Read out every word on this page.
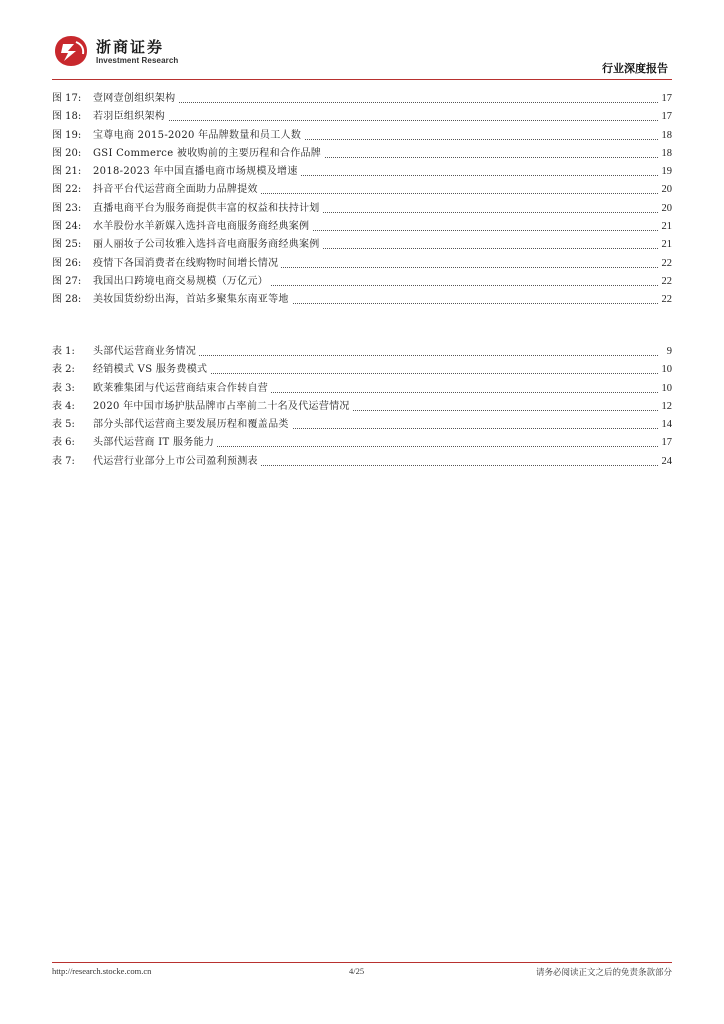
浙商证券
Investment Research
行业深度报告
图 17: 壹网壹创组织架构	17
图 18: 若羽臣组织架构	17
图 19: 宝尊电商 2015-2020 年品牌数量和员工人数	18
图 20: GSI Commerce 被收购前的主要历程和合作品牌	18
图 21: 2018-2023 年中国直播电商市场规模及增速	19
图 22: 抖音平台代运营商全面助力品牌提效	20
图 23: 直播电商平台为服务商提供丰富的权益和扶持计划	20
图 24: 水羊股份水羊新媒入选抖音电商服务商经典案例	21
图 25: 丽人丽妆子公司妆雅入选抖音电商服务商经典案例	21
图 26: 疫情下各国消费者在线购物时间增长情况	22
图 27: 我国出口跨境电商交易规模（万亿元）	22
图 28: 美妆国货纷纷出海，首站多聚集东南亚等地	22
表 1: 头部代运营商业务情况	9
表 2: 经销模式 VS 服务费模式	10
表 3: 欧莱雅集团与代运营商结束合作转自营	10
表 4: 2020 年中国市场护肤品牌市占率前二十名及代运营情况	12
表 5: 部分头部代运营商主要发展历程和覆盖品类	14
表 6: 头部代运营商 IT 服务能力	17
表 7: 代运营行业部分上市公司盈利预测表	24
http://research.stocke.com.cn	4/25	请务必阅读正文之后的免责条款部分
